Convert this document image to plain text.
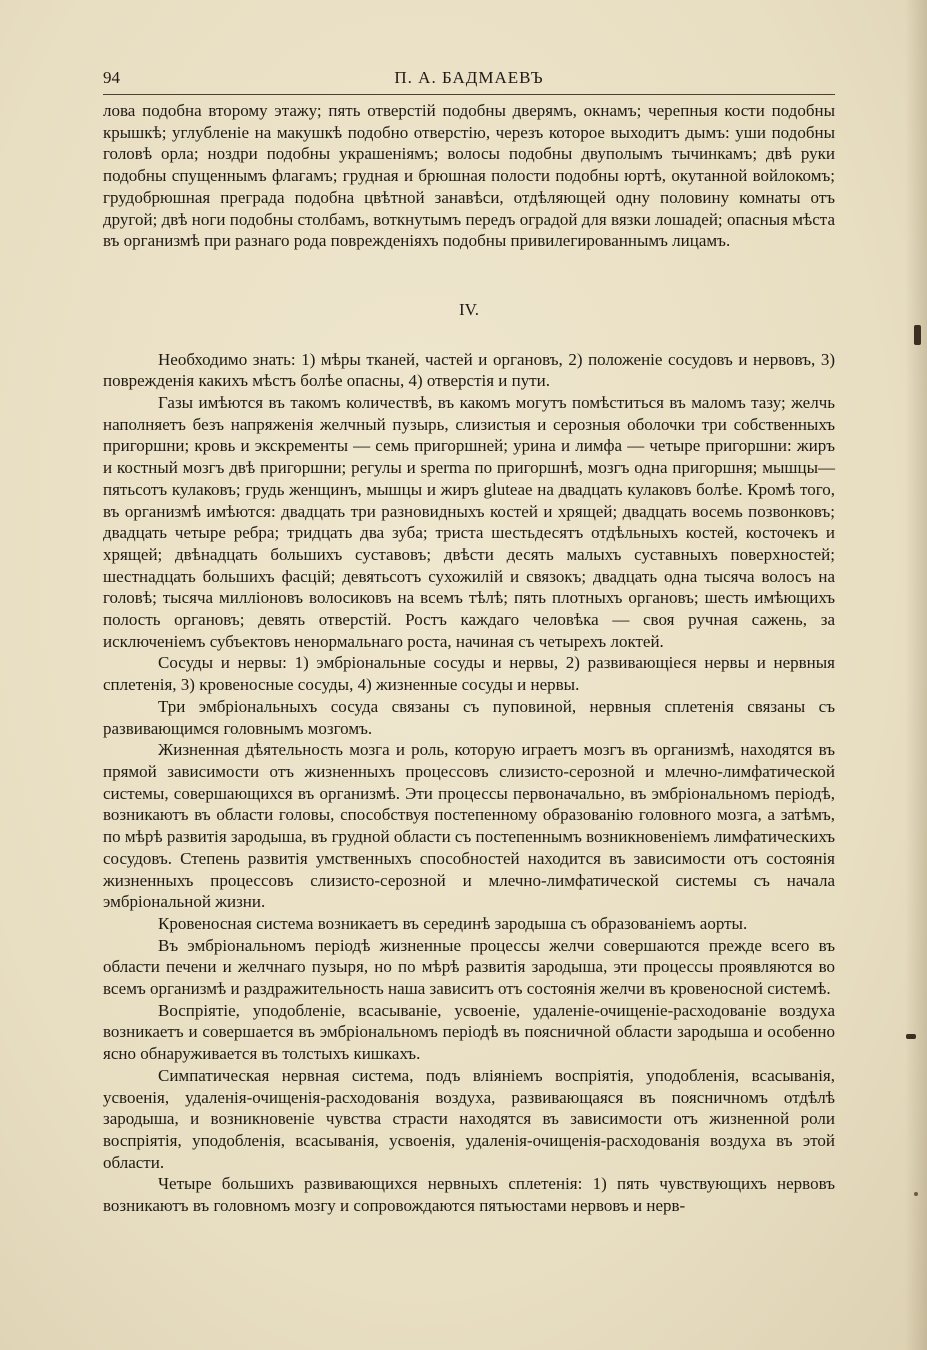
94	П. А. БАДМАЕВЪ

лова подобна второму этажу; пять отверстій подобны дверямъ, окнамъ; черепныя кости подобны крышкѣ; углубленіе на макушкѣ подобно отверстію, черезъ которое выходитъ дымъ: уши подобны головѣ орла; ноздри подобны украшеніямъ; волосы подобны двуполымъ тычинкамъ; двѣ руки подобны спущеннымъ флагамъ; грудная и брюшная полости подобны юртѣ, окутанной войлокомъ; грудобрюшная преграда подобна цвѣтной занавѣси, отдѣляющей одну половину комнаты отъ другой; двѣ ноги подобны столбамъ, воткнутымъ передъ оградой для вязки лошадей; опасныя мѣста въ организмѣ при разнаго рода поврежденіяхъ подобны привилегированнымъ лицамъ.

IV.

Необходимо знать: 1) мѣры тканей, частей и органовъ, 2) положеніе сосудовъ и нервовъ, 3) поврежденія какихъ мѣстъ болѣе опасны, 4) отверстія и пути.

Газы имѣются въ такомъ количествѣ, въ какомъ могутъ помѣститься въ маломъ тазу; желчь наполняетъ безъ напряженія желчный пузырь, слизистыя и серозныя оболочки три собственныхъ пригоршни; кровь и экскременты — семь пригоршней; урина и лимфа — четыре пригоршни: жиръ и костный мозгъ двѣ пригоршни; регулы и sperma по пригоршнѣ, мозгъ одна пригоршня; мышцы—пятьсотъ кулаковъ; грудь женщинъ, мышцы и жиръ gluteae на двадцать кулаковъ болѣе. Кромѣ того, въ организмѣ имѣются: двадцать три разновидныхъ костей и хрящей; двадцать восемь позвонковъ; двадцать четыре ребра; тридцать два зуба; триста шестьдесятъ отдѣльныхъ костей, косточекъ и хрящей; двѣнадцать большихъ суставовъ; двѣсти десять малыхъ суставныхъ поверхностей; шестнадцать большихъ фасцій; девятьсотъ сухожилій и связокъ; двадцать одна тысяча волосъ на головѣ; тысяча милліоновъ волосиковъ на всемъ тѣлѣ; пять плотныхъ органовъ; шесть имѣющихъ полость органовъ; девять отверстій. Ростъ каждаго человѣка — своя ручная сажень, за исключеніемъ субъектовъ ненормальнаго роста, начиная съ четырехъ локтей.

Сосуды и нервы: 1) эмбріональные сосуды и нервы, 2) развивающіеся нервы и нервныя сплетенія, 3) кровеносные сосуды, 4) жизненные сосуды и нервы.

Три эмбріональныхъ сосуда связаны съ пуповиной, нервныя сплетенія связаны съ развивающимся головнымъ мозгомъ.

Жизненная дѣятельность мозга и роль, которую играетъ мозгъ въ организмѣ, находятся въ прямой зависимости отъ жизненныхъ процессовъ слизисто-серозной и млечно-лимфатической системы, совершающихся въ организмѣ. Эти процессы первоначально, въ эмбріональномъ періодѣ, возникаютъ въ области головы, способствуя постепенному образованію головного мозга, а затѣмъ, по мѣрѣ развитія зародыша, въ грудной области съ постепеннымъ возникновеніемъ лимфатическихъ сосудовъ. Степень развитія умственныхъ способностей находится въ зависимости отъ состоянія жизненныхъ процессовъ слизисто-серозной и млечно-лимфатической системы съ начала эмбріональной жизни.

Кровеносная система возникаетъ въ серединѣ зародыша съ образованіемъ аорты.

Въ эмбріональномъ періодѣ жизненные процессы желчи совершаются прежде всего въ области печени и желчнаго пузыря, но по мѣрѣ развитія зародыша, эти процессы проявляются во всемъ организмѣ и раздражительность наша зависитъ отъ состоянія желчи въ кровеносной системѣ.

Воспріятіе, уподобленіе, всасываніе, усвоеніе, удаленіе-очищеніе-расходованіе воздуха возникаетъ и совершается въ эмбріональномъ періодѣ въ поясничной области зародыша и особенно ясно обнаруживается въ толстыхъ кишкахъ.

Симпатическая нервная система, подъ вліяніемъ воспріятія, уподобленія, всасыванія, усвоенія, удаленія-очищенія-расходованія воздуха, развивающаяся въ поясничномъ отдѣлѣ зародыша, и возникновеніе чувства страсти находятся въ зависимости отъ жизненной роли воспріятія, уподобленія, всасыванія, усвоенія, удаленія-очищенія-расходованія воздуха въ этой области.

Четыре большихъ развивающихся нервныхъ сплетенія: 1) пять чувствующихъ нервовъ возникаютъ въ головномъ мозгу и сопровождаются пятьюстами нервовъ и нерв-
